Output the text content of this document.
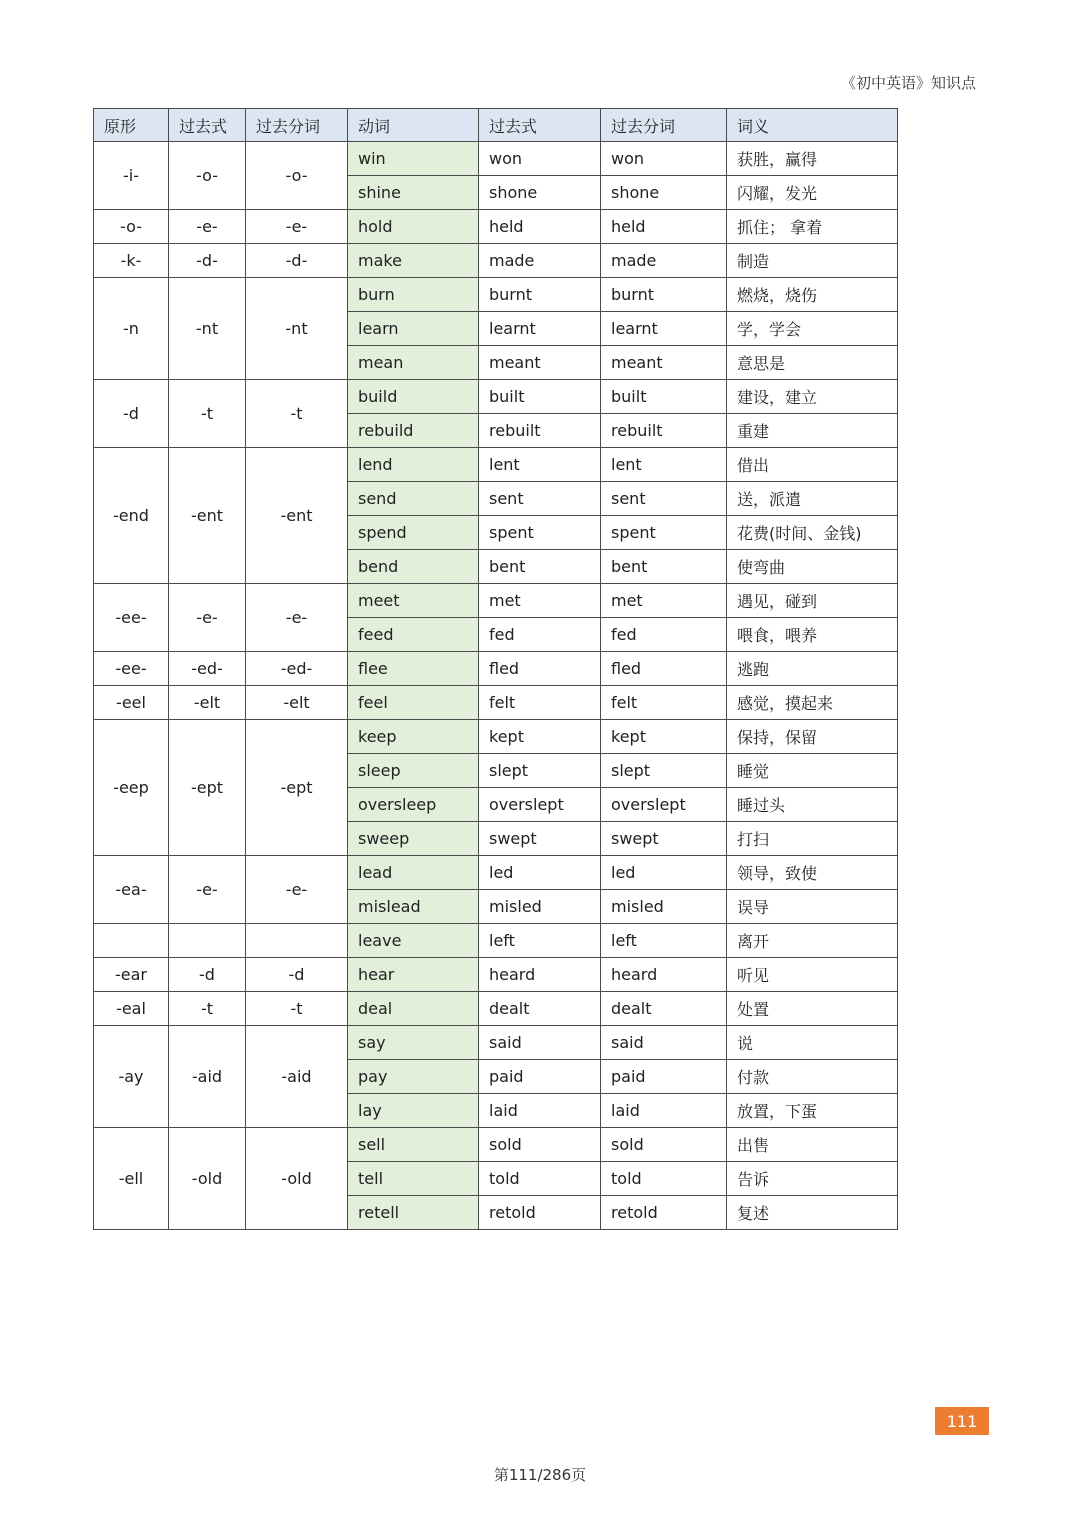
《初中英语》知识点
原形	过去式	过去分词	动词	过去式	过去分词	词义
-i-	-o-	-o-	win	won	won	获胜，赢得
			shine	shone	shone	闪耀，发光
-o-	-e-	-e-	hold	held	held	抓住； 拿着
-k-	-d-	-d-	make	made	made	制造
-n	-nt	-nt	burn	burnt	burnt	燃烧，烧伤
			learn	learnt	learnt	学，学会
			mean	meant	meant	意思是
-d	-t	-t	build	built	built	建设，建立
			rebuild	rebuilt	rebuilt	重建
-end	-ent	-ent	lend	lent	lent	借出
			send	sent	sent	送，派遣
			spend	spent	spent	花费(时间、金钱)
			bend	bent	bent	使弯曲
-ee-	-e-	-e-	meet	met	met	遇见，碰到
			feed	fed	fed	喂食，喂养
-ee-	-ed-	-ed-	flee	fled	fled	逃跑
-eel	-elt	-elt	feel	felt	felt	感觉，摸起来
-eep	-ept	-ept	keep	kept	kept	保持，保留
			sleep	slept	slept	睡觉
			oversleep	overslept	overslept	睡过头
			sweep	swept	swept	打扫
-ea-	-e-	-e-	lead	led	led	领导，致使
			mislead	misled	misled	误导
			leave	left	left	离开
-ear	-d	-d	hear	heard	heard	听见
-eal	-t	-t	deal	dealt	dealt	处置
-ay	-aid	-aid	say	said	said	说
			pay	paid	paid	付款
			lay	laid	laid	放置，下蛋
-ell	-old	-old	sell	sold	sold	出售
			tell	told	told	告诉
			retell	retold	retold	复述
111
第111/286页
